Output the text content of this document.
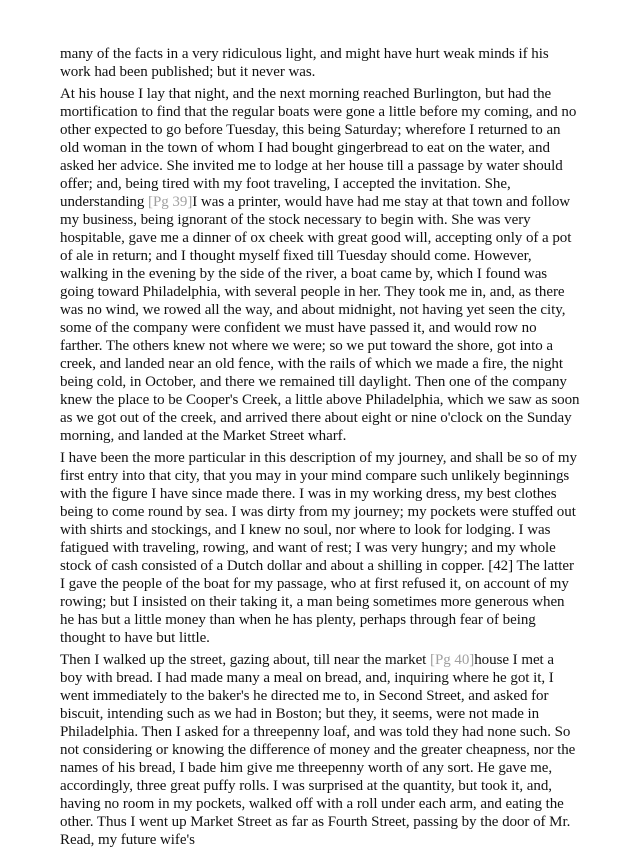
many of the facts in a very ridiculous light, and might have hurt weak minds if his work had been published; but it never was.

At his house I lay that night, and the next morning reached Burlington, but had the mortification to find that the regular boats were gone a little before my coming, and no other expected to go before Tuesday, this being Saturday; wherefore I returned to an old woman in the town of whom I had bought gingerbread to eat on the water, and asked her advice. She invited me to lodge at her house till a passage by water should offer; and, being tired with my foot traveling, I accepted the invitation. She, understanding [Pg 39]I was a printer, would have had me stay at that town and follow my business, being ignorant of the stock necessary to begin with. She was very hospitable, gave me a dinner of ox cheek with great good will, accepting only of a pot of ale in return; and I thought myself fixed till Tuesday should come. However, walking in the evening by the side of the river, a boat came by, which I found was going toward Philadelphia, with several people in her. They took me in, and, as there was no wind, we rowed all the way, and about midnight, not having yet seen the city, some of the company were confident we must have passed it, and would row no farther. The others knew not where we were; so we put toward the shore, got into a creek, and landed near an old fence, with the rails of which we made a fire, the night being cold, in October, and there we remained till daylight. Then one of the company knew the place to be Cooper's Creek, a little above Philadelphia, which we saw as soon as we got out of the creek, and arrived there about eight or nine o'clock on the Sunday morning, and landed at the Market Street wharf.

I have been the more particular in this description of my journey, and shall be so of my first entry into that city, that you may in your mind compare such unlikely beginnings with the figure I have since made there. I was in my working dress, my best clothes being to come round by sea. I was dirty from my journey; my pockets were stuffed out with shirts and stockings, and I knew no soul, nor where to look for lodging. I was fatigued with traveling, rowing, and want of rest; I was very hungry; and my whole stock of cash consisted of a Dutch dollar and about a shilling in copper. [42] The latter I gave the people of the boat for my passage, who at first refused it, on account of my rowing; but I insisted on their taking it, a man being sometimes more generous when he has but a little money than when he has plenty, perhaps through fear of being thought to have but little.

Then I walked up the street, gazing about, till near the market [Pg 40]house I met a boy with bread. I had made many a meal on bread, and, inquiring where he got it, I went immediately to the baker's he directed me to, in Second Street, and asked for biscuit, intending such as we had in Boston; but they, it seems, were not made in Philadelphia. Then I asked for a threepenny loaf, and was told they had none such. So not considering or knowing the difference of money and the greater cheapness, nor the names of his bread, I bade him give me threepenny worth of any sort. He gave me, accordingly, three great puffy rolls. I was surprised at the quantity, but took it, and, having no room in my pockets, walked off with a roll under each arm, and eating the other. Thus I went up Market Street as far as Fourth Street, passing by the door of Mr. Read, my future wife's
